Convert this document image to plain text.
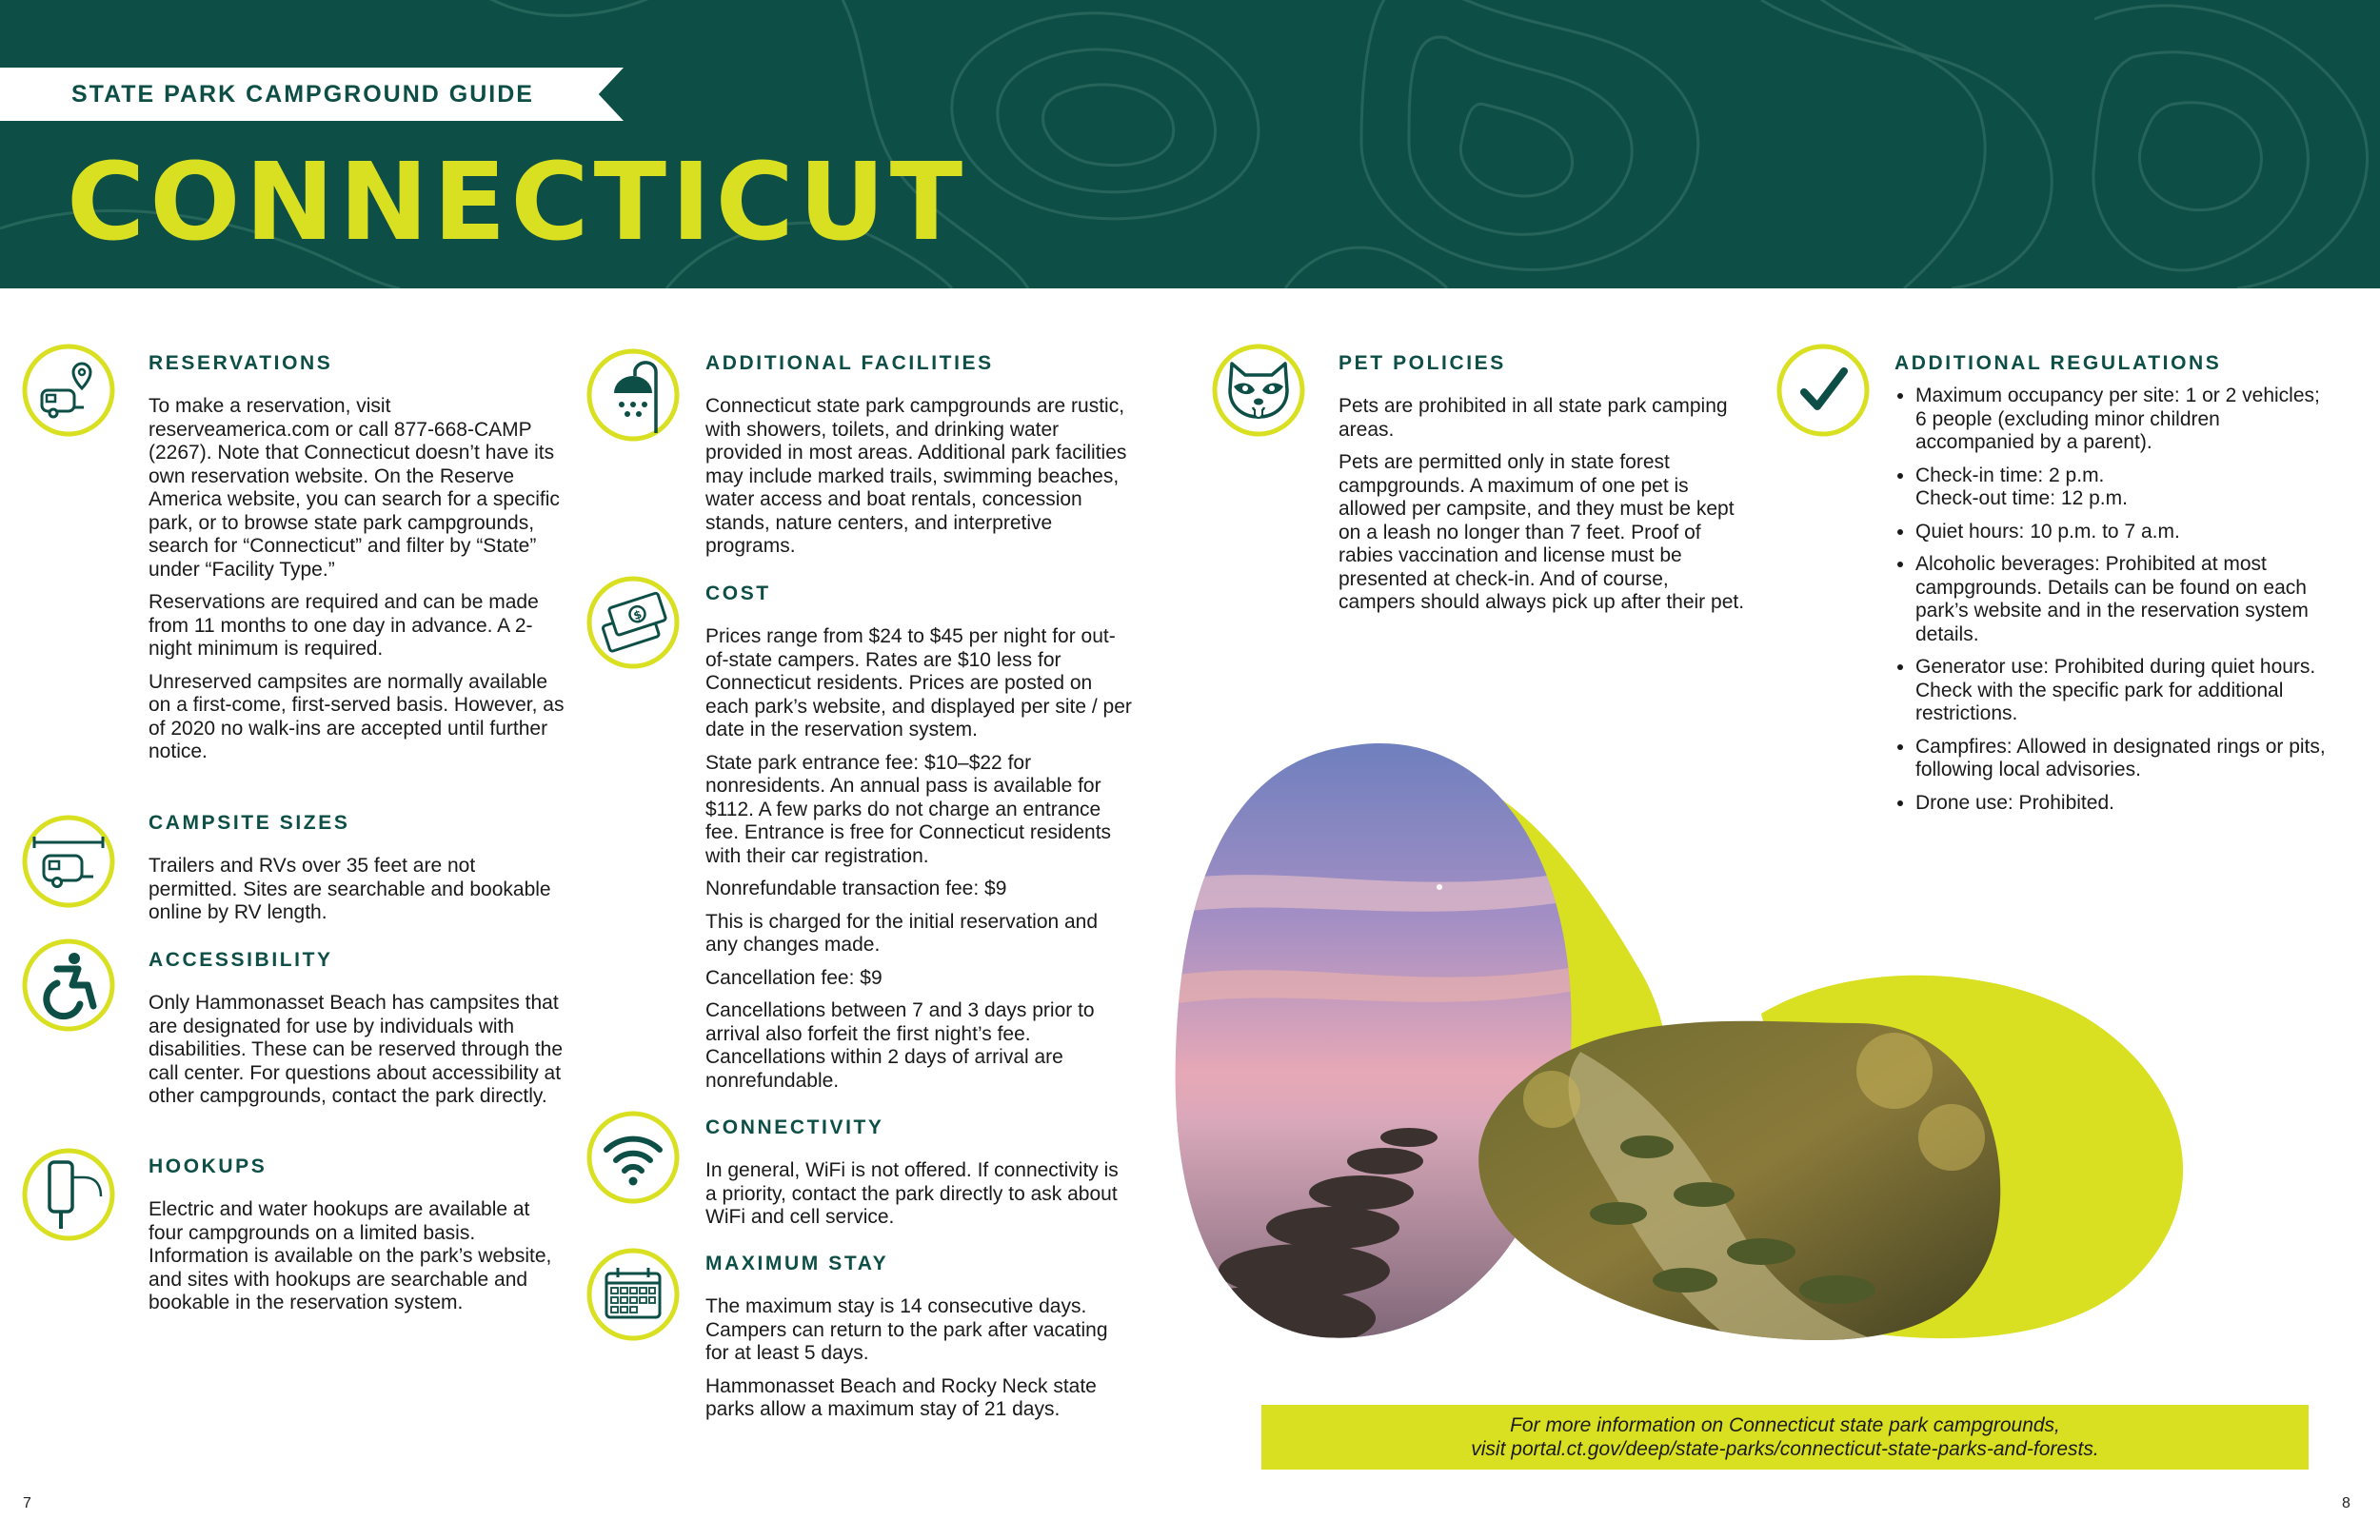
STATE PARK CAMPGROUND GUIDE
CONNECTICUT
$
RESERVATIONS

To make a reservation, visit reserveamerica.com or call 877-668-CAMP (2267). Note that Connecticut doesn’t have its own reservation website. On the Reserve America website, you can search for a specific park, or to browse state park campgrounds, search for “Connecticut” and filter by “State” under “Facility Type.”

Reservations are required and can be made from 11 months to one day in advance. A 2-night minimum is required.

Unreserved campsites are normally available on a first-come, first-served basis. However, as of 2020 no walk-ins are accepted until further notice.

CAMPSITE SIZES

Trailers and RVs over 35 feet are not permitted. Sites are searchable and bookable online by RV length.

ACCESSIBILITY

Only Hammonasset Beach has campsites that are designated for use by individuals with disabilities. These can be reserved through the call center. For questions about accessibility at other campgrounds, contact the park directly.

HOOKUPS

Electric and water hookups are available at four campgrounds on a limited basis. Information is available on the park’s website, and sites with hookups are searchable and bookable in the reservation system.

ADDITIONAL FACILITIES

Connecticut state park campgrounds are rustic, with showers, toilets, and drinking water provided in most areas. Additional park facilities may include marked trails, swimming beaches, water access and boat rentals, concession stands, nature centers, and interpretive programs.

COST

Prices range from $24 to $45 per night for out-of-state campers. Rates are $10 less for Connecticut residents. Prices are posted on each park’s website, and displayed per site / per date in the reservation system.

State park entrance fee: $10–$22 for nonresidents. An annual pass is available for $112. A few parks do not charge an entrance fee. Entrance is free for Connecticut residents with their car registration.

Nonrefundable transaction fee: $9

This is charged for the initial reservation and any changes made.

Cancellation fee: $9

Cancellations between 7 and 3 days prior to arrival also forfeit the first night’s fee. Cancellations within 2 days of arrival are nonrefundable.

CONNECTIVITY

In general, WiFi is not offered. If connectivity is a priority, contact the park directly to ask about WiFi and cell service.

MAXIMUM STAY

The maximum stay is 14 consecutive days. Campers can return to the park after vacating for at least 5 days.

Hammonasset Beach and Rocky Neck state parks allow a maximum stay of 21 days.

PET POLICIES

Pets are prohibited in all state park camping areas.

Pets are permitted only in state forest campgrounds. A maximum of one pet is allowed per campsite, and they must be kept on a leash no longer than 7 feet. Proof of rabies vaccination and license must be presented at check-in. And of course, campers should always pick up after their pet.

ADDITIONAL REGULATIONS
• Maximum occupancy per site: 1 or 2 vehicles; 6 people (excluding minor children accompanied by a parent).
• Check-in time: 2 p.m.
Check-out time: 12 p.m.
• Quiet hours: 10 p.m. to 7 a.m.
• Alcoholic beverages: Prohibited at most campgrounds. Details can be found on each park’s website and in the reservation system details.
• Generator use: Prohibited during quiet hours. Check with the specific park for additional restrictions.
• Campfires: Allowed in designated rings or pits, following local advisories.
• Drone use: Prohibited.
For more information on Connecticut state park campgrounds,
visit portal.ct.gov/deep/state-parks/connecticut-state-parks-and-forests.
7	8
